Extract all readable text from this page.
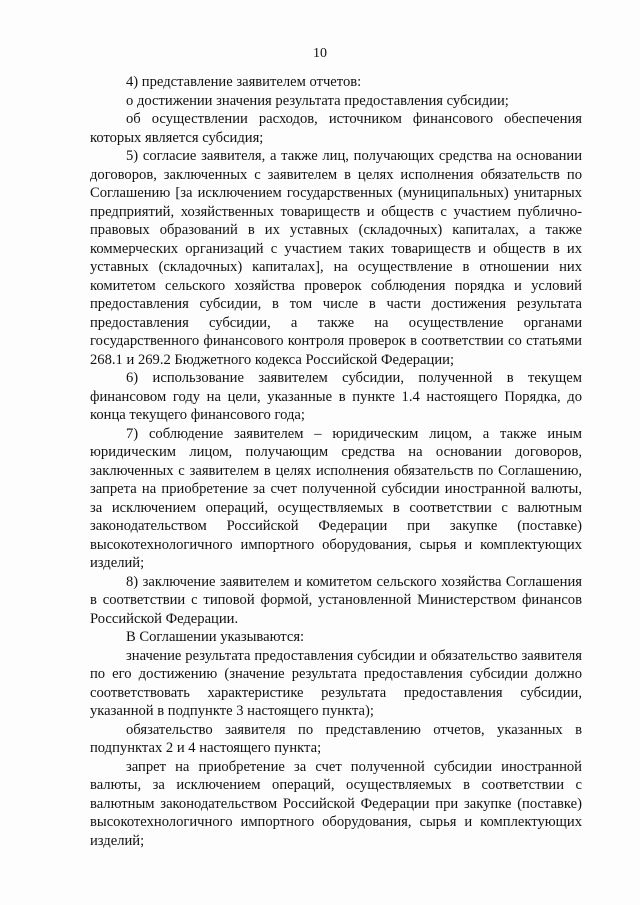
10

4) представление заявителем отчетов:

о достижении значения результата предоставления субсидии;

об осуществлении расходов, источником финансового обеспечения которых является субсидия;

5) согласие заявителя, а также лиц, получающих средства на основании договоров, заключенных с заявителем в целях исполнения обязательств по Соглашению [за исключением государственных (муниципальных) унитарных предприятий, хозяйственных товариществ и обществ с участием публично-правовых образований в их уставных (складочных) капиталах, а также коммерческих организаций с участием таких товариществ и обществ в их уставных (складочных) капиталах], на осуществление в отношении них комитетом сельского хозяйства проверок соблюдения порядка и условий предоставления субсидии, в том числе в части достижения результата предоставления субсидии, а также на осуществление органами государственного финансового контроля проверок в соответствии со статьями 268.1 и 269.2 Бюджетного кодекса Российской Федерации;

6) использование заявителем субсидии, полученной в текущем финансовом году на цели, указанные в пункте 1.4 настоящего Порядка, до конца текущего финансового года;

7) соблюдение заявителем – юридическим лицом, а также иным юридическим лицом, получающим средства на основании договоров, заключенных с заявителем в целях исполнения обязательств по Соглашению, запрета на приобретение за счет полученной субсидии иностранной валюты, за исключением операций, осуществляемых в соответствии с валютным законодательством Российской Федерации при закупке (поставке) высокотехнологичного импортного оборудования, сырья и комплектующих изделий;

8) заключение заявителем и комитетом сельского хозяйства Соглашения в соответствии с типовой формой, установленной Министерством финансов Российской Федерации.

В Соглашении указываются:

значение результата предоставления субсидии и обязательство заявителя по его достижению (значение результата предоставления субсидии должно соответствовать характеристике результата предоставления субсидии, указанной в подпункте 3 настоящего пункта);

обязательство заявителя по представлению отчетов, указанных в подпунктах 2 и 4 настоящего пункта;

запрет на приобретение за счет полученной субсидии иностранной валюты, за исключением операций, осуществляемых в соответствии с валютным законодательством Российской Федерации при закупке (поставке) высокотехнологичного импортного оборудования, сырья и комплектующих изделий;
